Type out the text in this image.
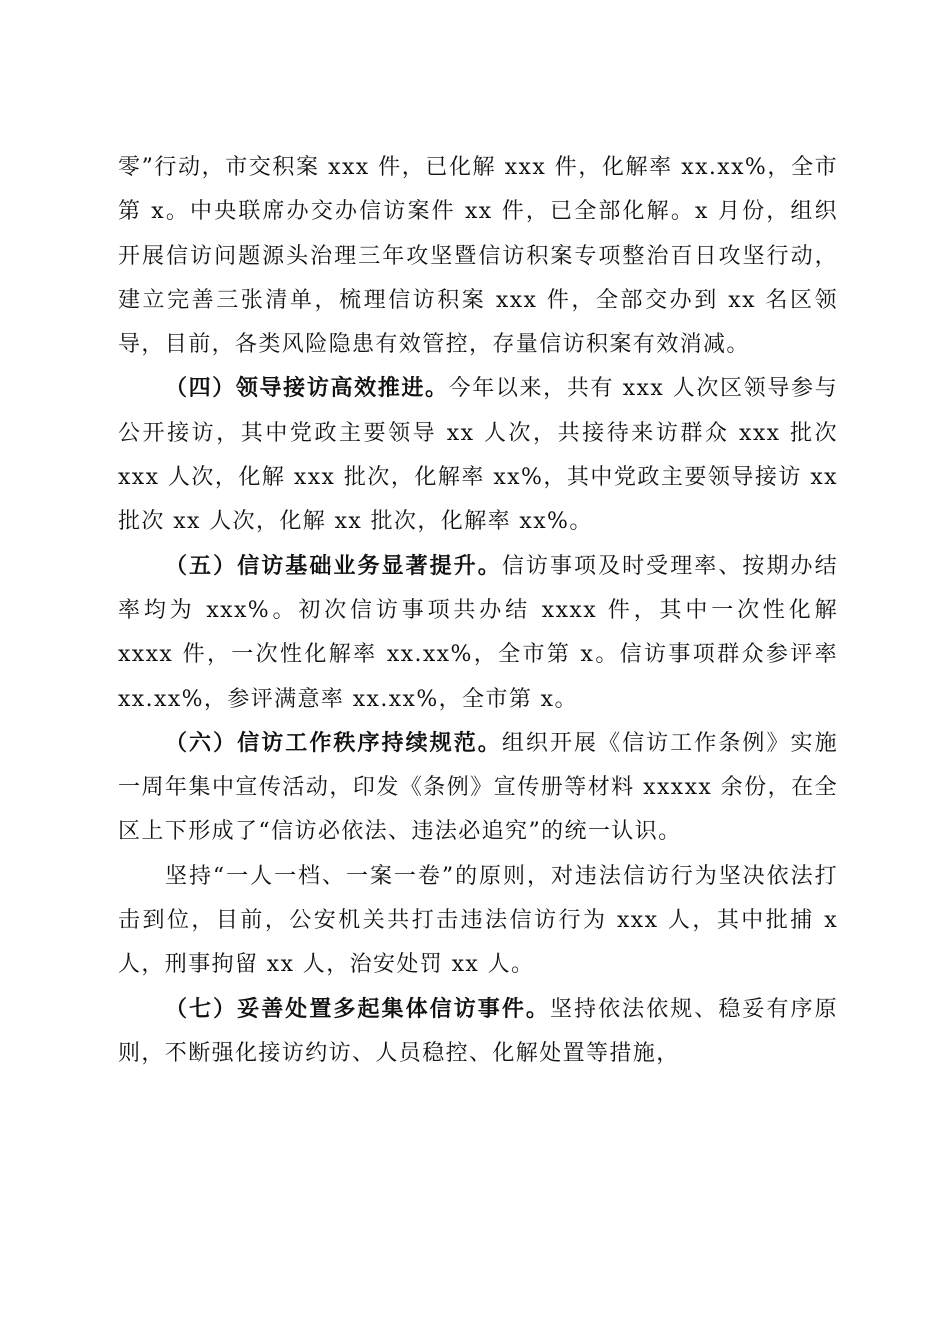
零”行动，市交积案 xxx 件，已化解 xxx 件，化解率 xx.xx%，全市第 x。中央联席办交办信访案件 xx 件，已全部化解。x 月份，组织开展信访问题源头治理三年攻坚暨信访积案专项整治百日攻坚行动，建立完善三张清单，梳理信访积案 xxx 件，全部交办到 xx 名区领导，目前，各类风险隐患有效管控，存量信访积案有效消减。

（四）领导接访高效推进。今年以来，共有 xxx 人次区领导参与公开接访，其中党政主要领导 xx 人次，共接待来访群众 xxx 批次 xxx 人次，化解 xxx 批次，化解率 xx%，其中党政主要领导接访 xx 批次 xx 人次，化解 xx 批次，化解率 xx%。

（五）信访基础业务显著提升。信访事项及时受理率、按期办结率均为 xxx%。初次信访事项共办结 xxxx 件，其中一次性化解 xxxx 件，一次性化解率 xx.xx%，全市第 x。信访事项群众参评率 xx.xx%，参评满意率 xx.xx%，全市第 x。

（六）信访工作秩序持续规范。组织开展《信访工作条例》实施一周年集中宣传活动，印发《条例》宣传册等材料 xxxxx 余份，在全区上下形成了“信访必依法、违法必追究”的统一认识。

坚持“一人一档、一案一卷”的原则，对违法信访行为坚决依法打击到位，目前，公安机关共打击违法信访行为 xxx 人，其中批捕 x 人，刑事拘留 xx 人，治安处罚 xx 人。

（七）妥善处置多起集体信访事件。坚持依法依规、稳妥有序原则，不断强化接访约访、人员稳控、化解处置等措施，
